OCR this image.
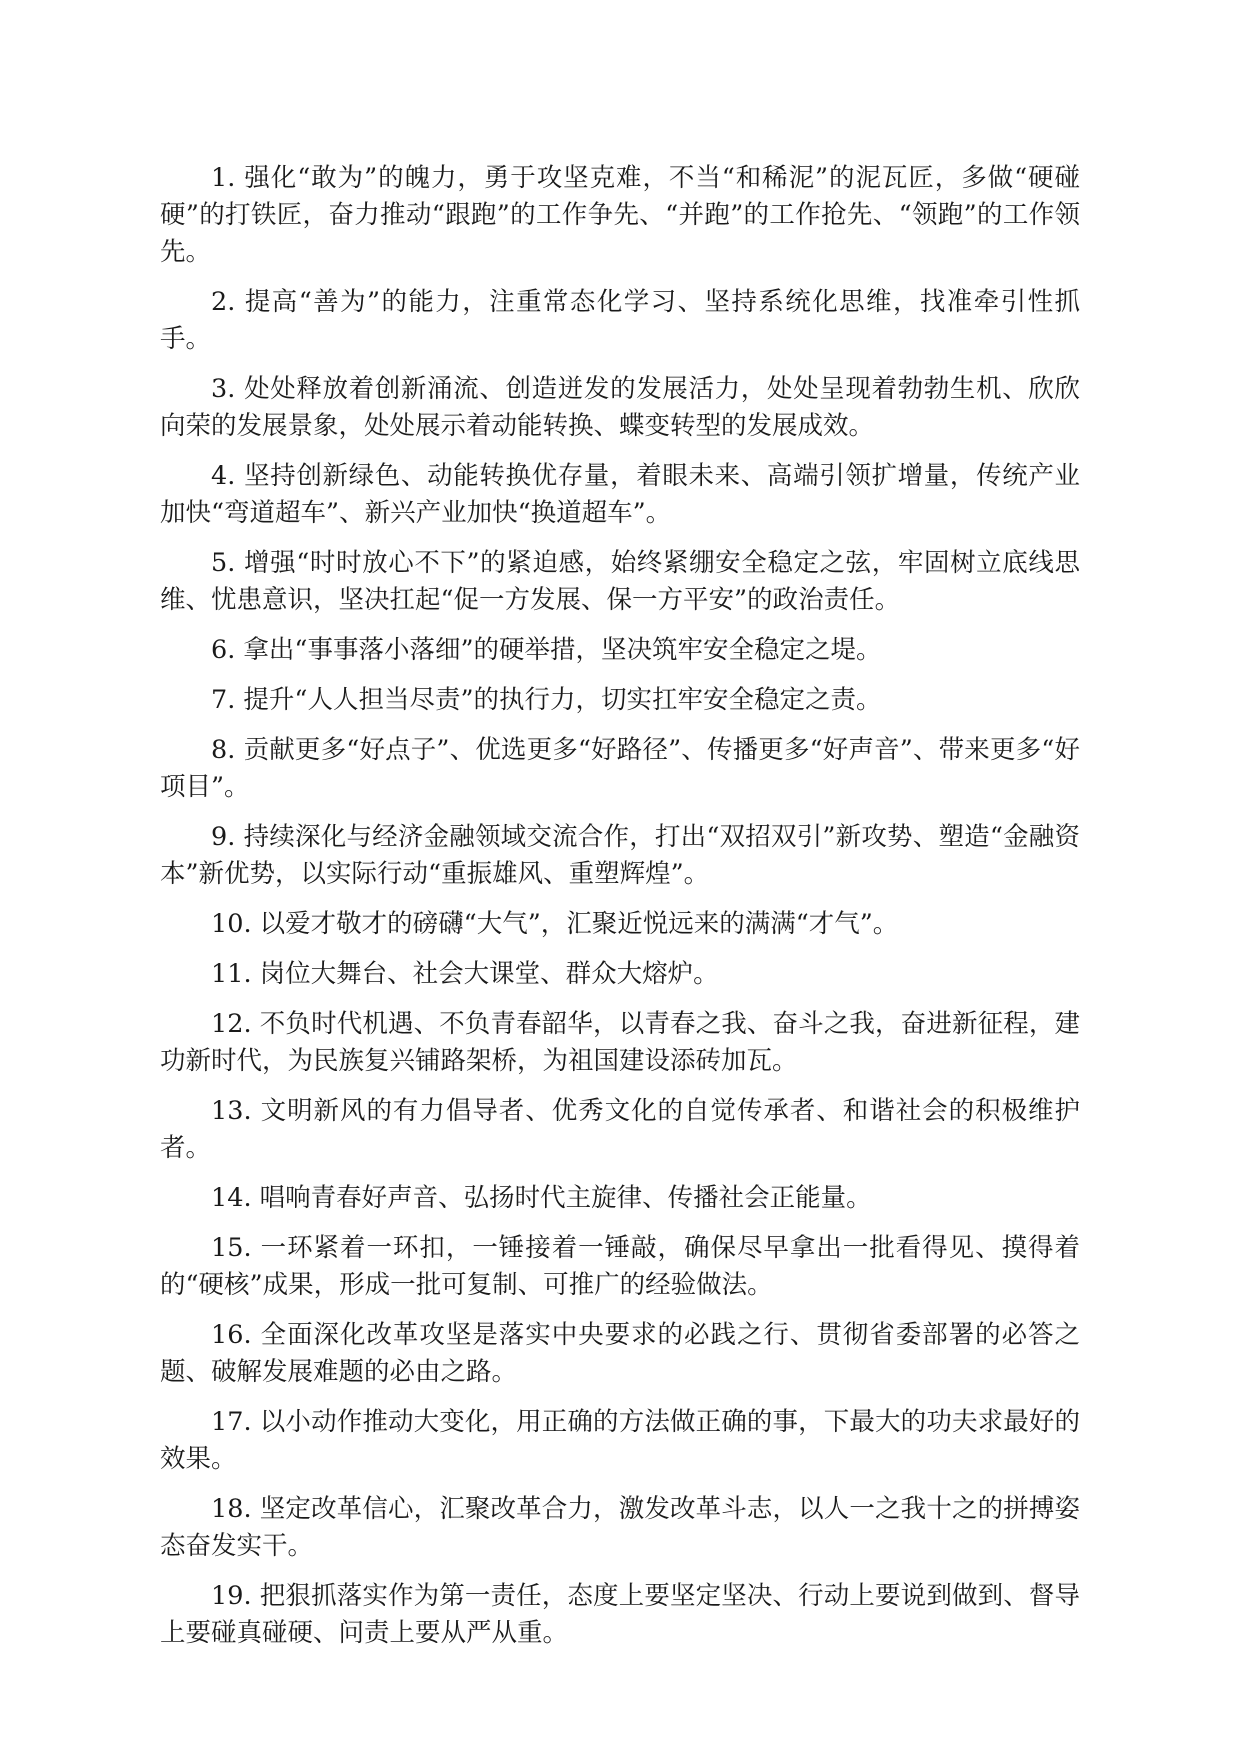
1. 强化“敢为”的魄力，勇于攻坚克难，不当“和稀泥”的泥瓦匠，多做“硬碰硬”的打铁匠，奋力推动“跟跑”的工作争先、“并跑”的工作抢先、“领跑”的工作领先。

2. 提高“善为”的能力，注重常态化学习、坚持系统化思维，找准牵引性抓手。

3. 处处释放着创新涌流、创造迸发的发展活力，处处呈现着勃勃生机、欣欣向荣的发展景象，处处展示着动能转换、蝶变转型的发展成效。

4. 坚持创新绿色、动能转换优存量，着眼未来、高端引领扩增量，传统产业加快“弯道超车”、新兴产业加快“换道超车”。

5. 增强“时时放心不下”的紧迫感，始终紧绷安全稳定之弦，牢固树立底线思维、忧患意识，坚决扛起“促一方发展、保一方平安”的政治责任。

6. 拿出“事事落小落细”的硬举措，坚决筑牢安全稳定之堤。

7. 提升“人人担当尽责”的执行力，切实扛牢安全稳定之责。

8. 贡献更多“好点子”、优选更多“好路径”、传播更多“好声音”、带来更多“好项目”。

9. 持续深化与经济金融领域交流合作，打出“双招双引”新攻势、塑造“金融资本”新优势，以实际行动“重振雄风、重塑辉煌”。

10. 以爱才敬才的磅礴“大气”，汇聚近悦远来的满满“才气”。

11. 岗位大舞台、社会大课堂、群众大熔炉。

12. 不负时代机遇、不负青春韶华，以青春之我、奋斗之我，奋进新征程，建功新时代，为民族复兴铺路架桥，为祖国建设添砖加瓦。

13. 文明新风的有力倡导者、优秀文化的自觉传承者、和谐社会的积极维护者。

14. 唱响青春好声音、弘扬时代主旋律、传播社会正能量。

15. 一环紧着一环扣，一锤接着一锤敲，确保尽早拿出一批看得见、摸得着的“硬核”成果，形成一批可复制、可推广的经验做法。

16. 全面深化改革攻坚是落实中央要求的必践之行、贯彻省委部署的必答之题、破解发展难题的必由之路。

17. 以小动作推动大变化，用正确的方法做正确的事，下最大的功夫求最好的效果。

18. 坚定改革信心，汇聚改革合力，激发改革斗志，以人一之我十之的拼搏姿态奋发实干。

19. 把狠抓落实作为第一责任，态度上要坚定坚决、行动上要说到做到、督导上要碰真碰硬、问责上要从严从重。
